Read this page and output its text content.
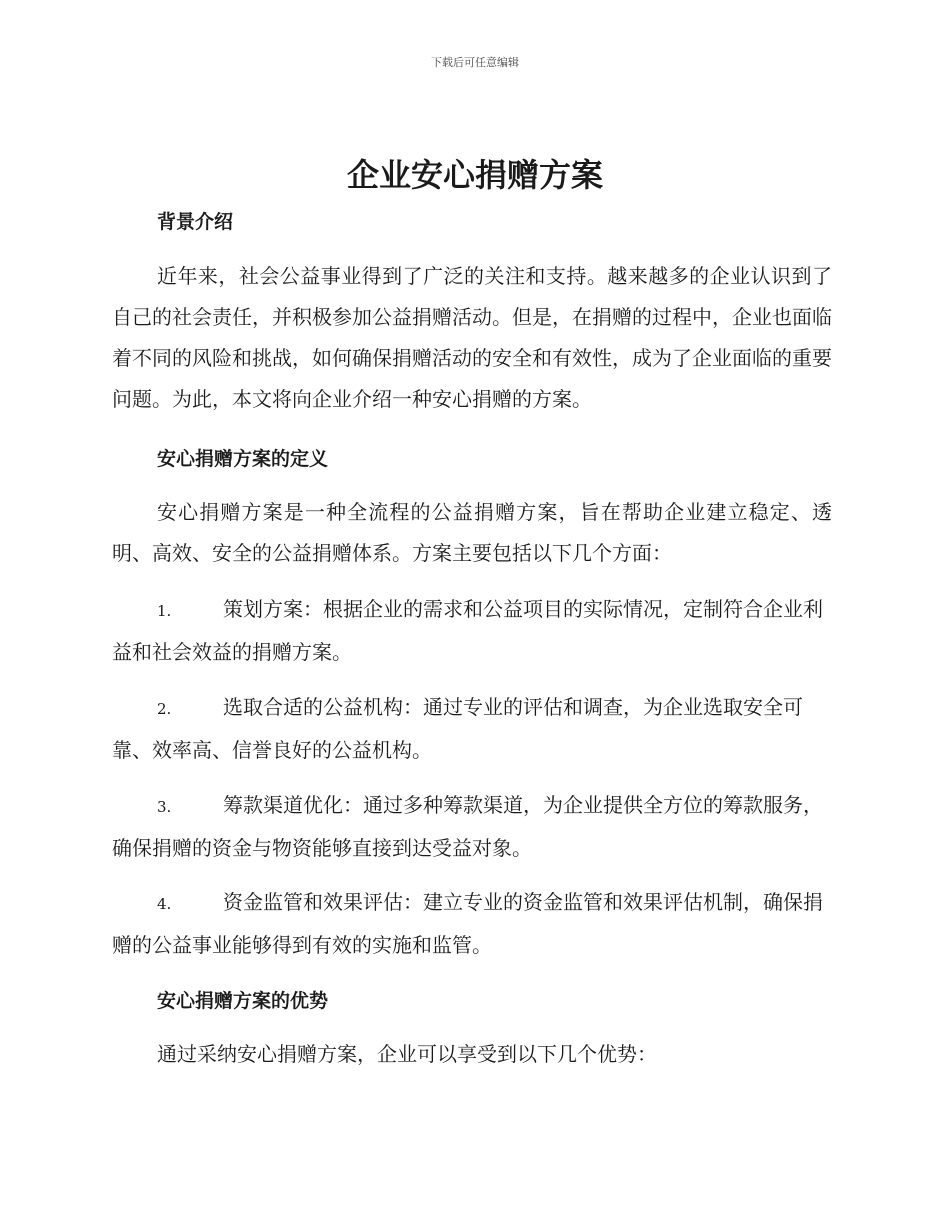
下载后可任意编辑
企业安心捐赠方案
背景介绍

近年来，社会公益事业得到了广泛的关注和支持。越来越多的企业认识到了自己的社会责任，并积极参加公益捐赠活动。但是，在捐赠的过程中，企业也面临着不同的风险和挑战，如何确保捐赠活动的安全和有效性，成为了企业面临的重要问题。为此，本文将向企业介绍一种安心捐赠的方案。

安心捐赠方案的定义

安心捐赠方案是一种全流程的公益捐赠方案，旨在帮助企业建立稳定、透明、高效、安全的公益捐赠体系。方案主要包括以下几个方面：

1.	策划方案：根据企业的需求和公益项目的实际情况，定制符合企业利益和社会效益的捐赠方案。

2.	选取合适的公益机构：通过专业的评估和调查，为企业选取安全可靠、效率高、信誉良好的公益机构。

3.	筹款渠道优化：通过多种筹款渠道，为企业提供全方位的筹款服务，确保捐赠的资金与物资能够直接到达受益对象。

4.	资金监管和效果评估：建立专业的资金监管和效果评估机制，确保捐赠的公益事业能够得到有效的实施和监管。

安心捐赠方案的优势

通过采纳安心捐赠方案，企业可以享受到以下几个优势：
